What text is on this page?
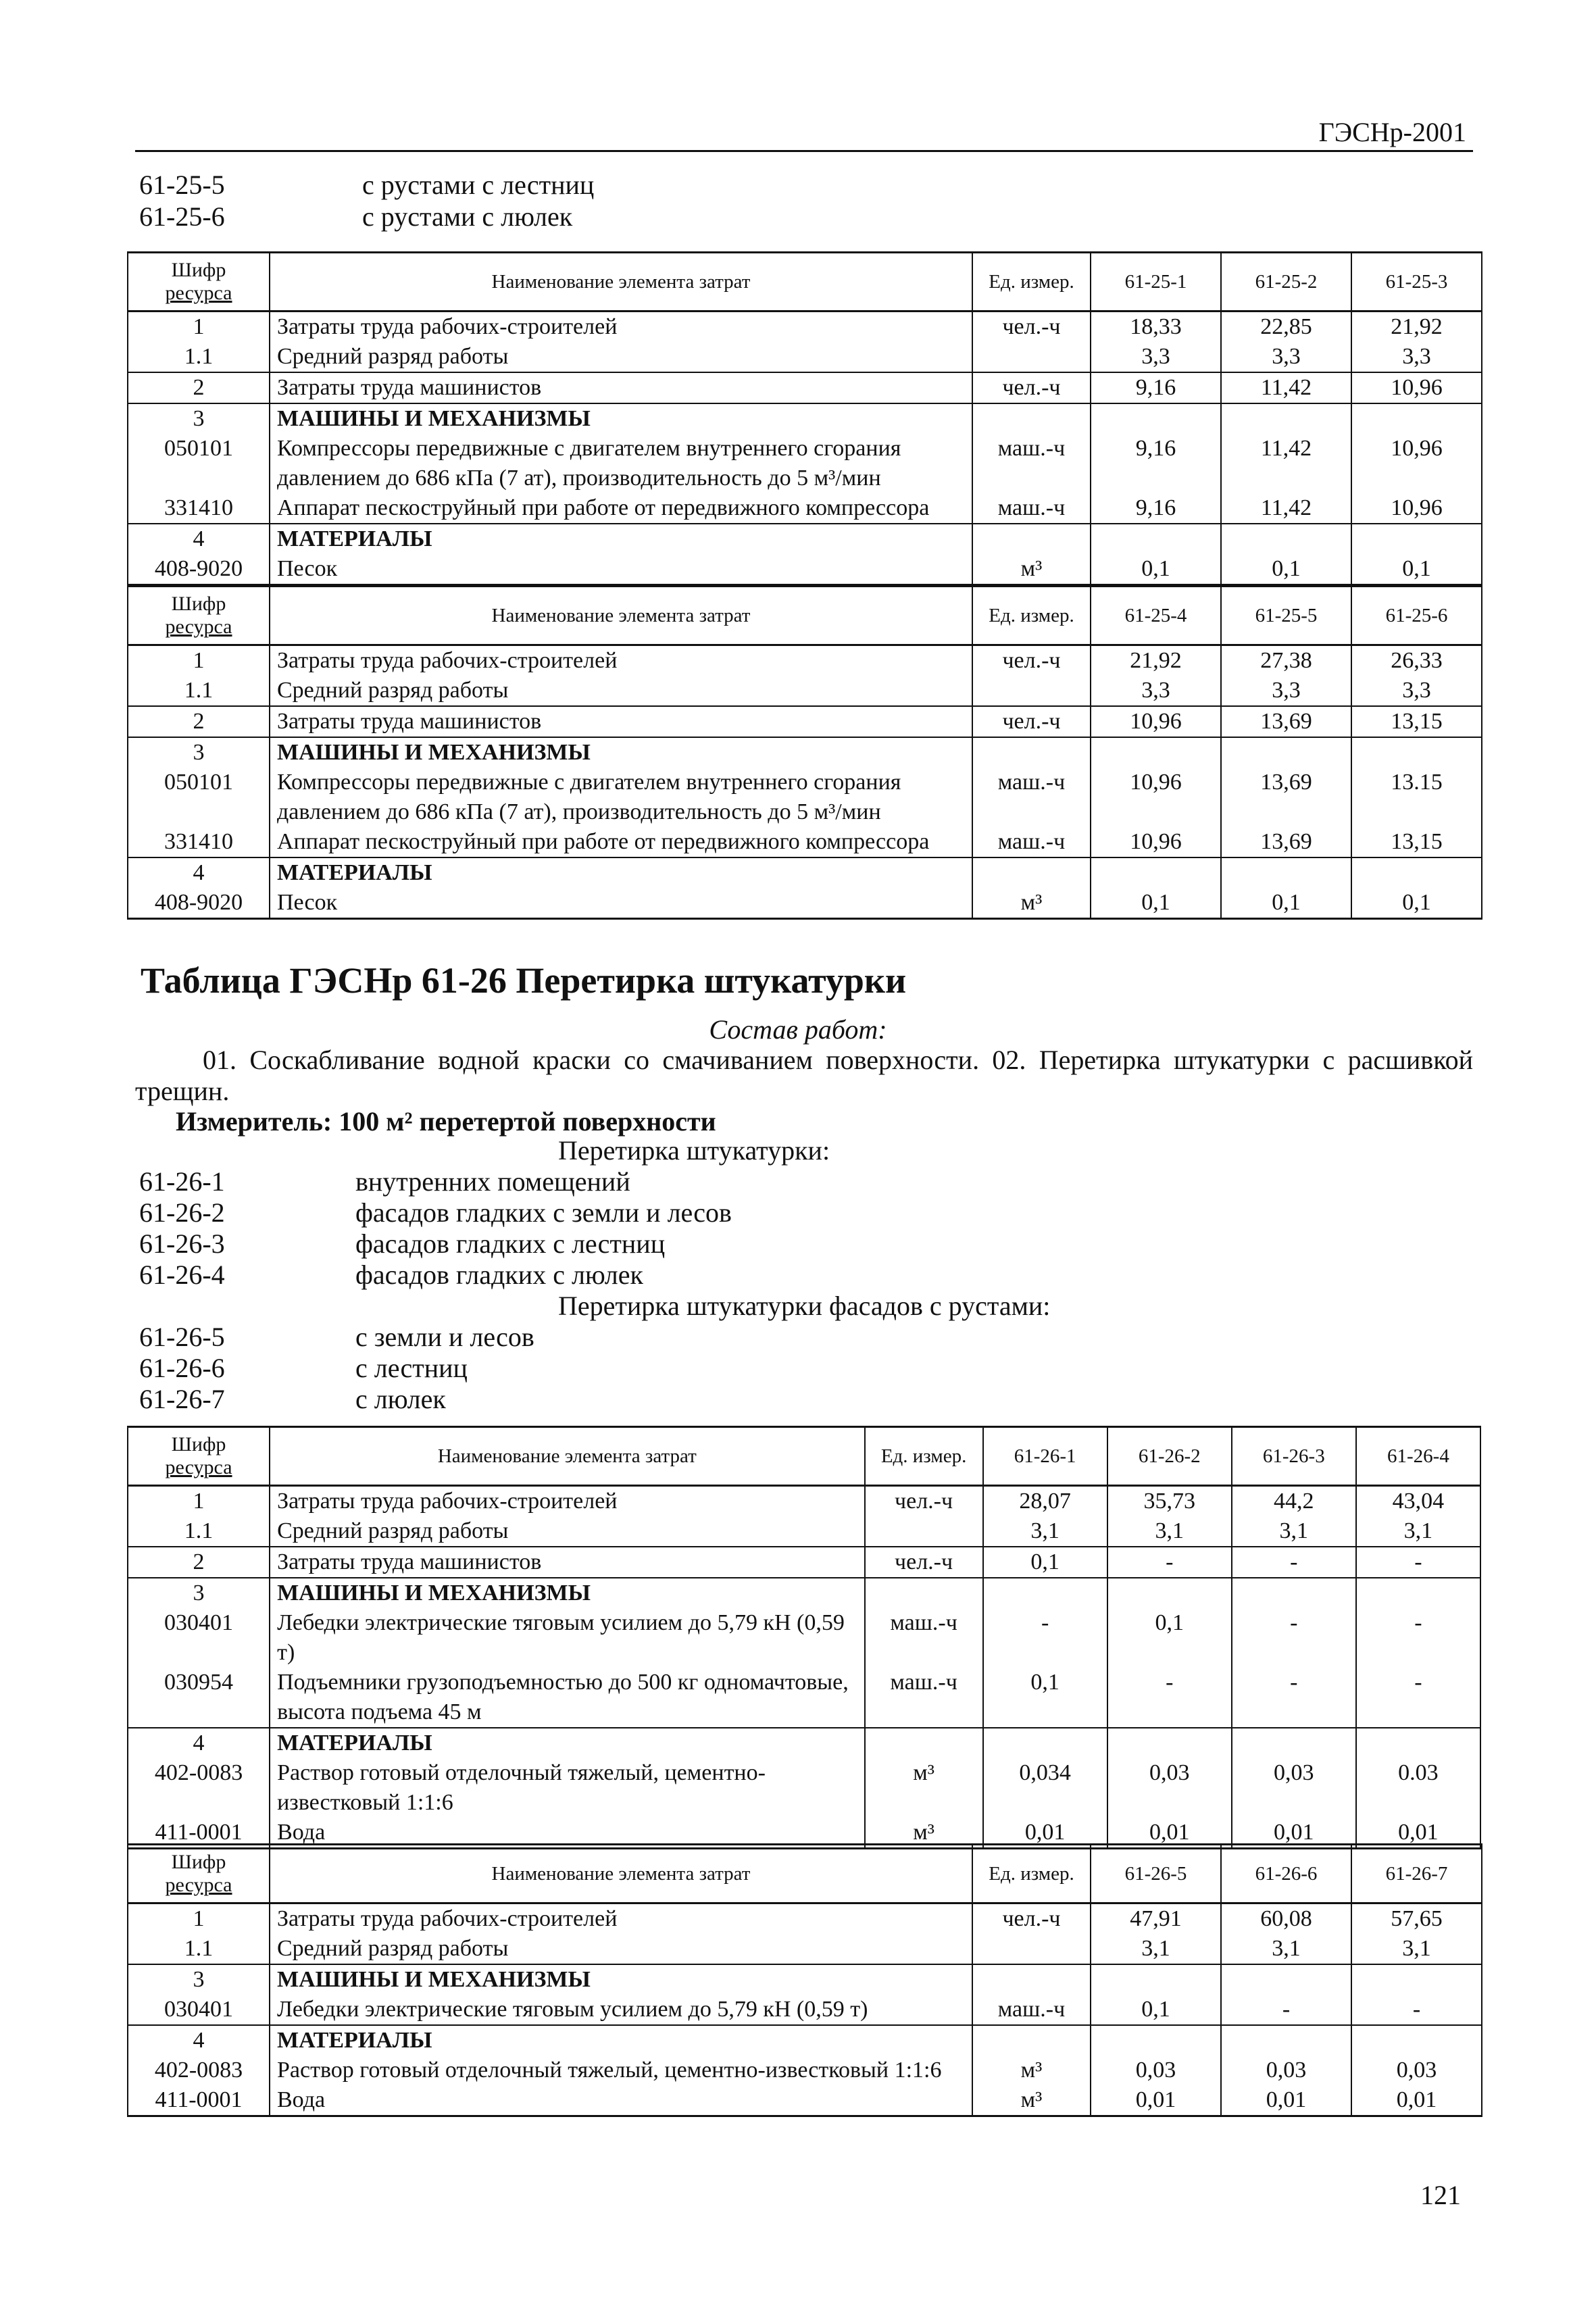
ГЭСНр-2001
61-25-5	с рустами с лестниц
61-25-6	с рустами с люлек
Шифр
ресурса	Наименование элемента затрат	Ед. измер.	61-25-1	61-25-2	61-25-3
1	Затраты труда рабочих-строителей	чел.-ч	18,33	22,85	21,92
1.1	Средний разряд работы		3,3	3,3	3,3
2	Затраты труда машинистов	чел.-ч	9,16	11,42	10,96
3	МАШИНЫ И МЕХАНИЗМЫ				
050101	Компрессоры передвижные с двигателем внутреннего сгорания давлением до 686 кПа (7 ат), производительность до 5 м³/мин	маш.-ч	9,16	11,42	10,96
331410	Аппарат пескоструйный при работе от передвижного компрессора	маш.-ч	9,16	11,42	10,96
4	МАТЕРИАЛЫ				
408-9020	Песок	м³	0,1	0,1	0,1
Шифр
ресурса	Наименование элемента затрат	Ед. измер.	61-25-4	61-25-5	61-25-6
1	Затраты труда рабочих-строителей	чел.-ч	21,92	27,38	26,33
1.1	Средний разряд работы		3,3	3,3	3,3
2	Затраты труда машинистов	чел.-ч	10,96	13,69	13,15
3	МАШИНЫ И МЕХАНИЗМЫ				
050101	Компрессоры передвижные с двигателем внутреннего сгорания давлением до 686 кПа (7 ат), производительность до 5 м³/мин	маш.-ч	10,96	13,69	13.15
331410	Аппарат пескоструйный при работе от передвижного компрессора	маш.-ч	10,96	13,69	13,15
4	МАТЕРИАЛЫ				
408-9020	Песок	м³	0,1	0,1	0,1
Таблица ГЭСНр 61-26 Перетирка штукатурки
Состав работ:
01. Соскабливание водной краски со смачиванием поверхности. 02. Перетирка штукатурки с расшивкой трещин.
Измеритель: 100 м² перетертой поверхности
Перетирка штукатурки:
61-26-1	внутренних помещений
61-26-2	фасадов гладких с земли и лесов
61-26-3	фасадов гладких с лестниц
61-26-4	фасадов гладких с люлек
Перетирка штукатурки фасадов с рустами:
61-26-5	с земли и лесов
61-26-6	с лестниц
61-26-7	с люлек
Шифр
ресурса	Наименование элемента затрат	Ед. измер.	61-26-1	61-26-2	61-26-3	61-26-4
1	Затраты труда рабочих-строителей	чел.-ч	28,07	35,73	44,2	43,04
1.1	Средний разряд работы		3,1	3,1	3,1	3,1
2	Затраты труда машинистов	чел.-ч	0,1	-	-	-
3	МАШИНЫ И МЕХАНИЗМЫ					
030401	Лебедки электрические тяговым усилием до 5,79 кН (0,59 т)	маш.-ч	-	0,1	-	-
030954	Подъемники грузоподъемностью до 500 кг одномачтовые, высота подъема 45 м	маш.-ч	0,1	-	-	-
4	МАТЕРИАЛЫ					
402-0083	Раствор готовый отделочный тяжелый, цементно-известковый 1:1:6	м³	0,034	0,03	0,03	0.03
411-0001	Вода	м³	0,01	0,01	0,01	0,01
Шифр
ресурса	Наименование элемента затрат	Ед. измер.	61-26-5	61-26-6	61-26-7
1	Затраты труда рабочих-строителей	чел.-ч	47,91	60,08	57,65
1.1	Средний разряд работы		3,1	3,1	3,1
3	МАШИНЫ И МЕХАНИЗМЫ				
030401	Лебедки электрические тяговым усилием до 5,79 кН (0,59 т)	маш.-ч	0,1	-	-
4	МАТЕРИАЛЫ				
402-0083	Раствор готовый отделочный тяжелый, цементно-известковый 1:1:6	м³	0,03	0,03	0,03
411-0001	Вода	м³	0,01	0,01	0,01
121
